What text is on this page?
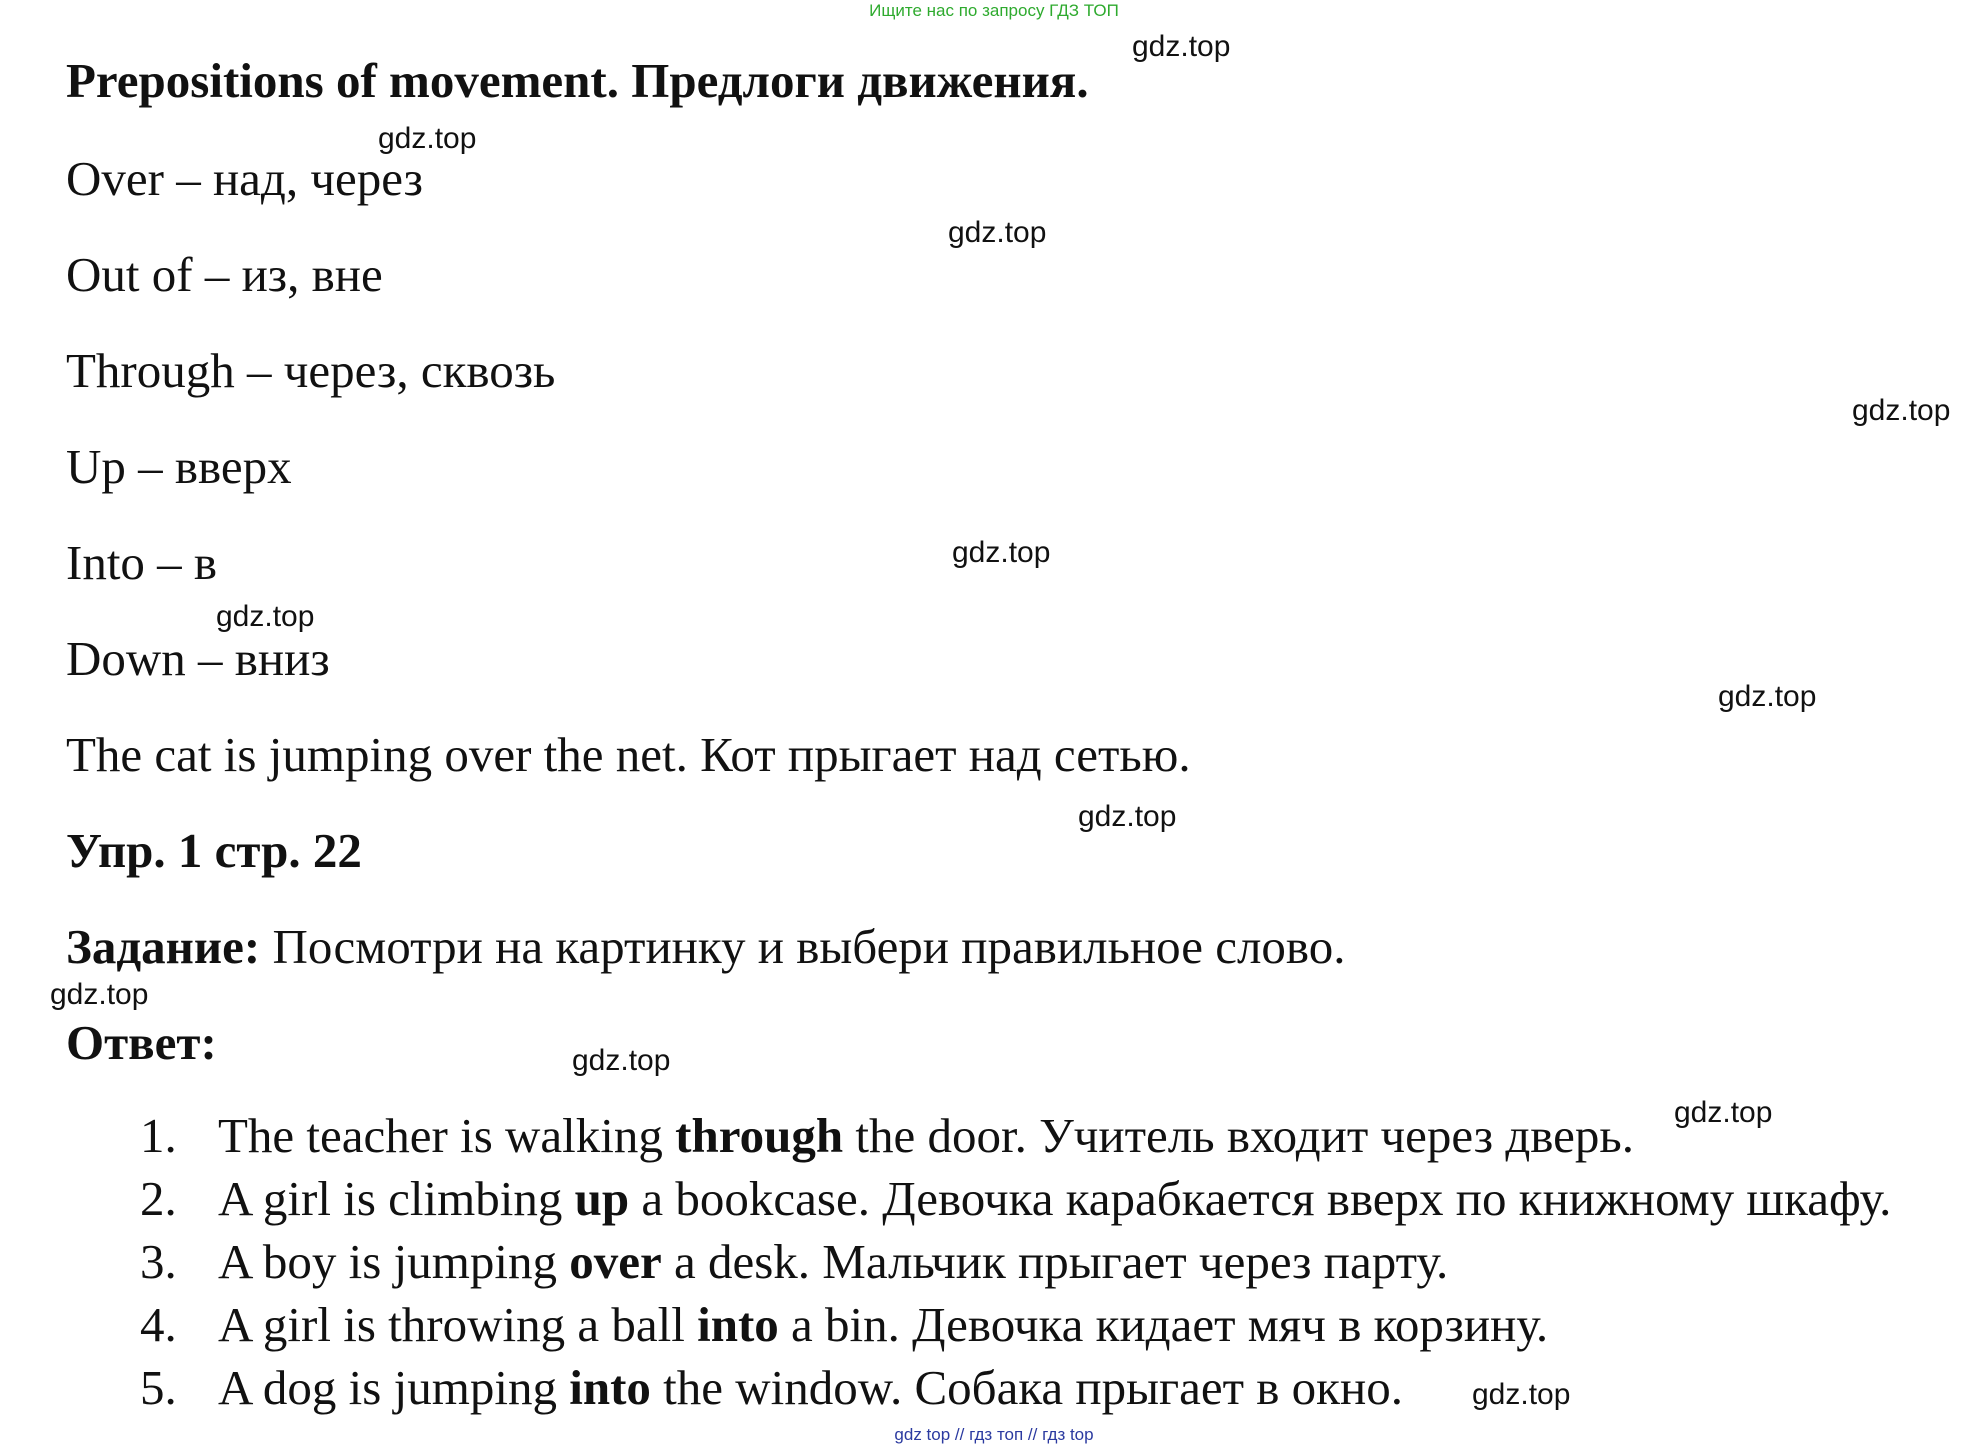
Ищите нас по запросу ГДЗ ТОП
Prepositions of movement. Предлоги движения.
Over – над, через
Out of – из, вне
Through – через, сквозь
Up – вверх
Into – в
Down – вниз
The cat is jumping over the net. Кот прыгает над сетью.
Упр. 1 стр. 22
Задание: Посмотри на картинку и выбери правильное слово.
Ответ:
1. The teacher is walking through the door. Учитель входит через дверь.
2. A girl is climbing up a bookcase. Девочка карабкается вверх по книжному шкафу.
3. A boy is jumping over a desk. Мальчик прыгает через парту.
4. A girl is throwing a ball into a bin. Девочка кидает мяч в корзину.
5. A dog is jumping into the window. Собака прыгает в окно.
gdz.top
gdz.top
gdz.top
gdz.top
gdz.top
gdz.top
gdz.top
gdz.top
gdz.top
gdz.top
gdz.top
gdz.top
gdz top // гдз топ // гдз top
